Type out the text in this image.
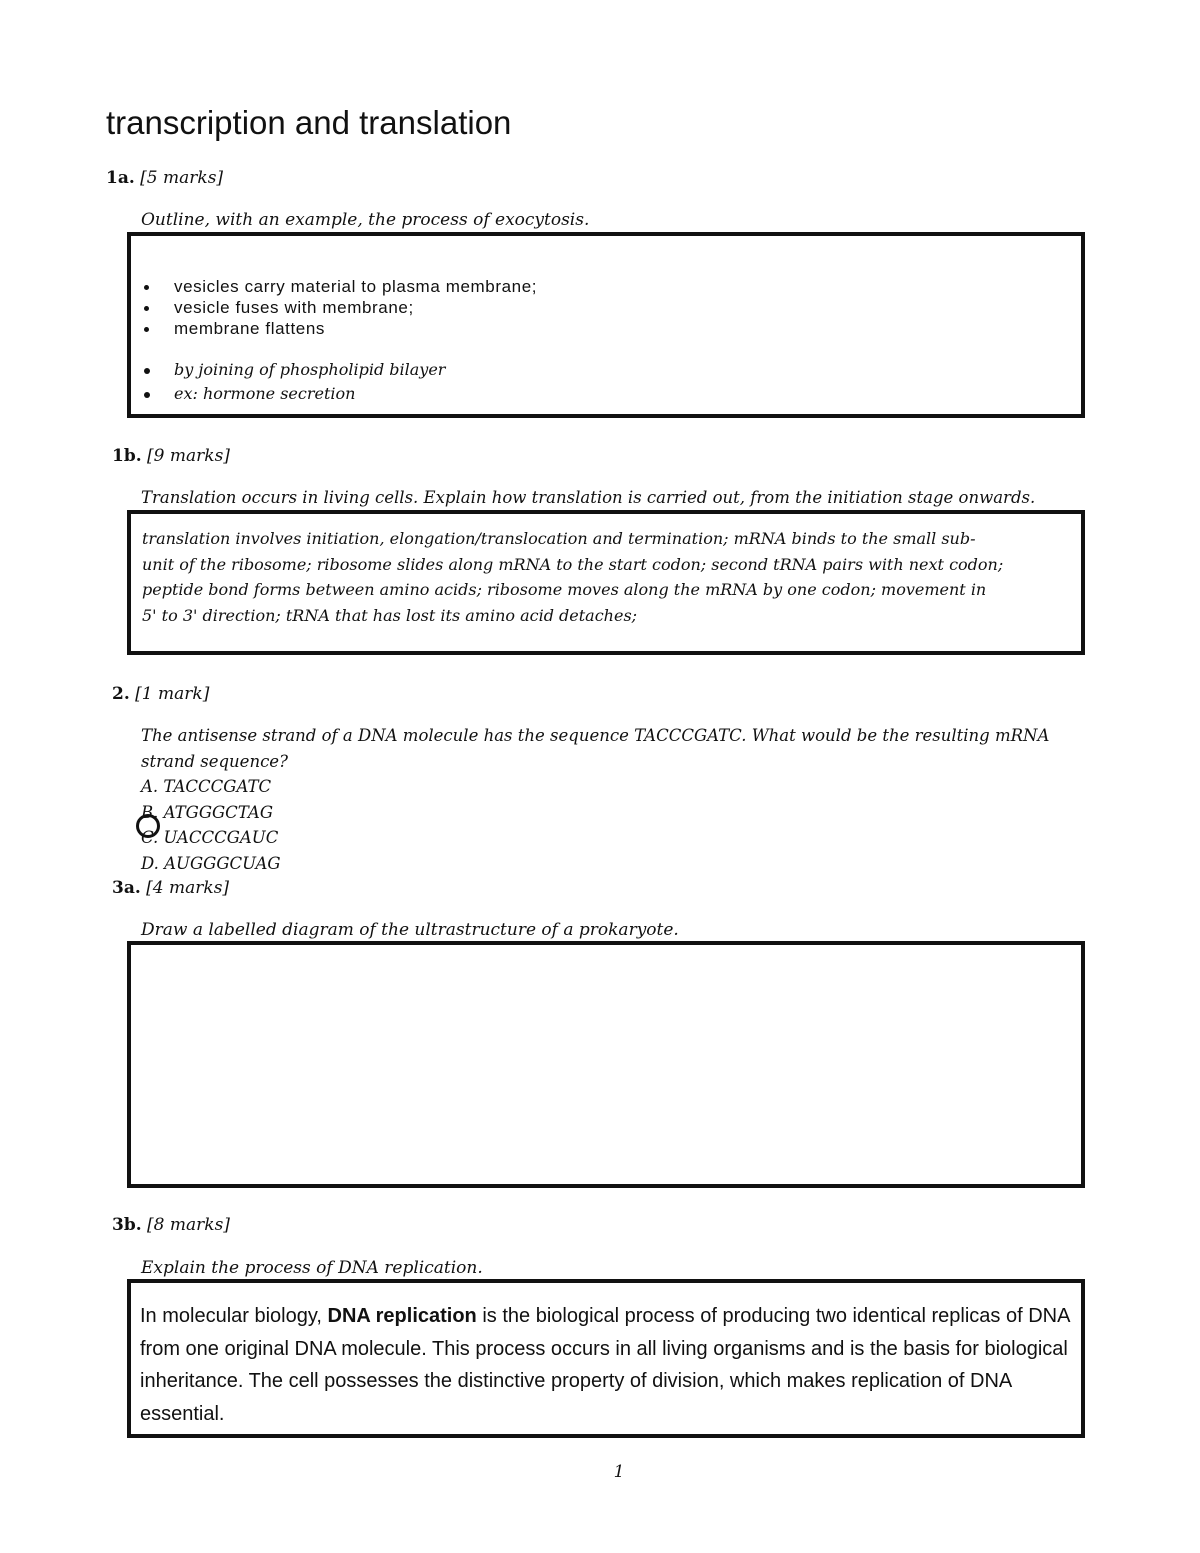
transcription and translation
1a. [5 marks]
Outline, with an example, the process of exocytosis.
vesicles carry material to plasma membrane;
vesicle fuses with membrane;
membrane flattens
by joining of phospholipid bilayer
ex: hormone secretion
1b. [9 marks]
Translation occurs in living cells. Explain how translation is carried out, from the initiation stage onwards.
translation involves initiation, elongation/translocation and termination; mRNA binds to the small sub-
unit of the ribosome; ribosome slides along mRNA to the start codon; second tRNA pairs with next codon;
peptide bond forms between amino acids; ribosome moves along the mRNA by one codon; movement in
5' to 3' direction; tRNA that has lost its amino acid detaches;
2. [1 mark]
The antisense strand of a DNA molecule has the sequence TACCCGATC. What would be the resulting mRNA
strand sequence?
A. TACCCGATC
B. ATGGGCTAG
C. UACCCGAUC
D. AUGGGCUAG
3a. [4 marks]
Draw a labelled diagram of the ultrastructure of a prokaryote.
3b. [8 marks]
Explain the process of DNA replication.
In molecular biology, DNA replication is the biological process of producing two identical replicas of DNA from one original DNA molecule. This process occurs in all living organisms and is the basis for biological inheritance. The cell possesses the distinctive property of division, which makes replication of DNA essential.
1
